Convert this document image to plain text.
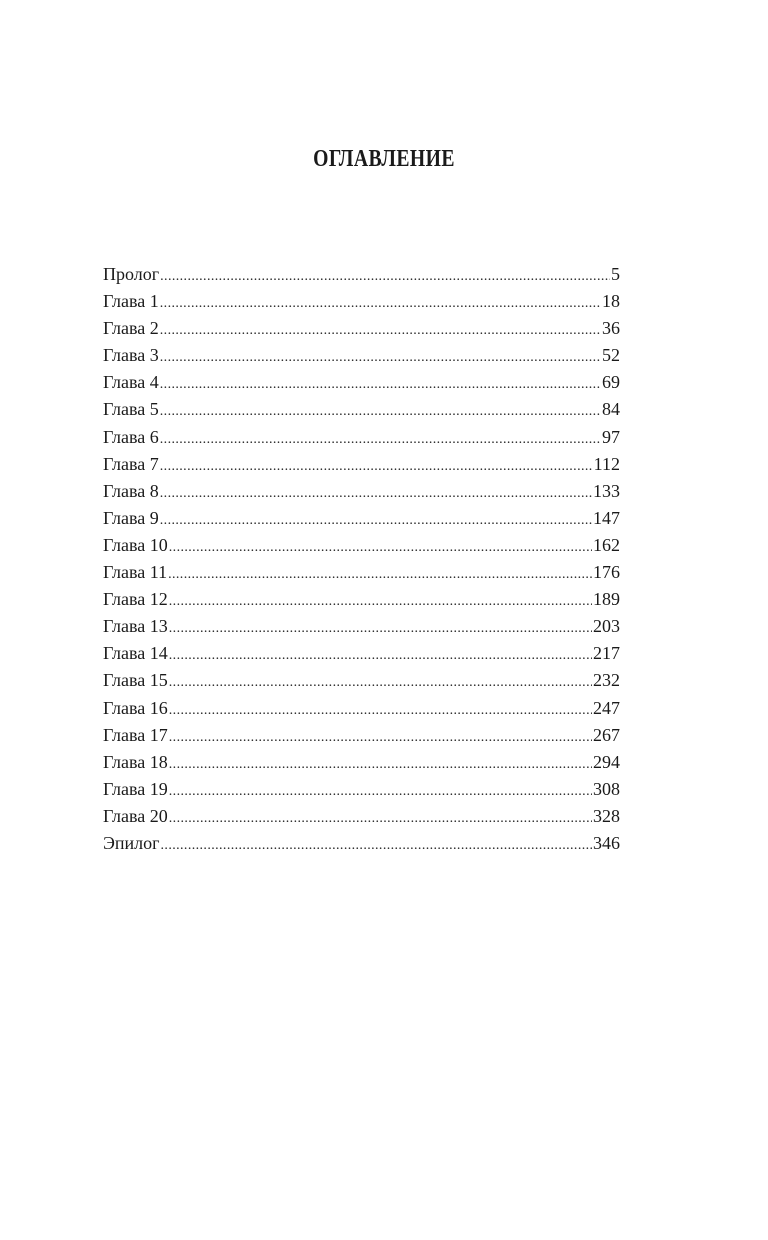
ОГЛАВЛЕНИЕ
Пролог .....	5
Глава 1 .....	18
Глава 2 .....	36
Глава 3 .....	52
Глава 4 .....	69
Глава 5 .....	84
Глава 6 .....	97
Глава 7 .....	112
Глава 8 .....	133
Глава 9 .....	147
Глава 10 .....	162
Глава 11 .....	176
Глава 12 .....	189
Глава 13 .....	203
Глава 14 .....	217
Глава 15 .....	232
Глава 16 .....	247
Глава 17 .....	267
Глава 18 .....	294
Глава 19 .....	308
Глава 20 .....	328
Эпилог .....	346
